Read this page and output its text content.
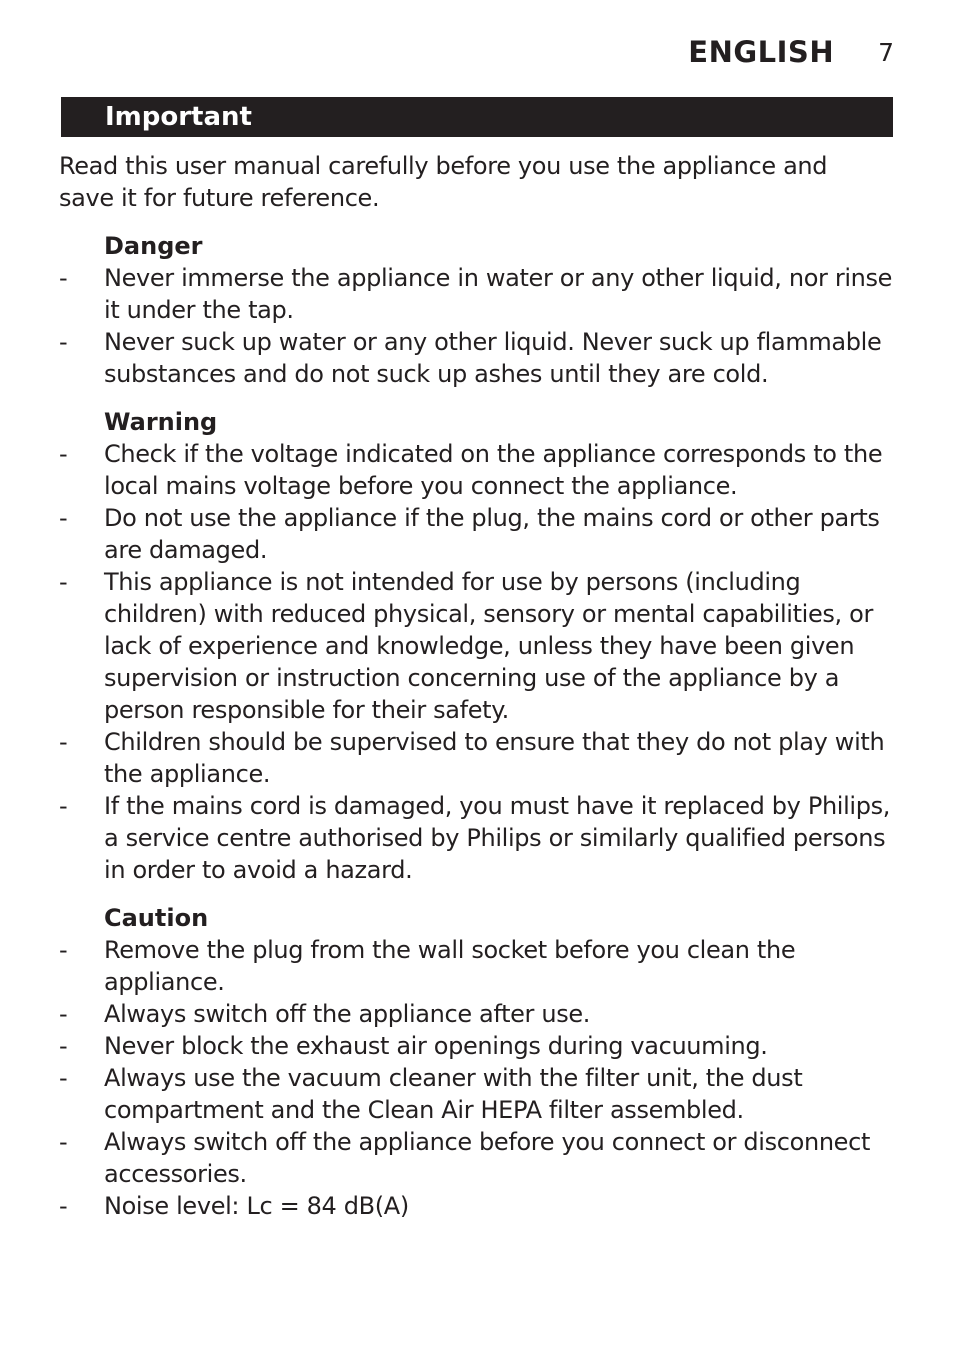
ENGLISH 7
Important

Read this user manual carefully before you use the appliance and save it for future reference.

Danger
- Never immerse the appliance in water or any other liquid, nor rinse it under the tap.
- Never suck up water or any other liquid. Never suck up flammable substances and do not suck up ashes until they are cold.
Warning
- Check if the voltage indicated on the appliance corresponds to the local mains voltage before you connect the appliance.
- Do not use the appliance if the plug, the mains cord or other parts are damaged.
- This appliance is not intended for use by persons (including children) with reduced physical, sensory or mental capabilities, or lack of experience and knowledge, unless they have been given supervision or instruction concerning use of the appliance by a person responsible for their safety.
- Children should be supervised to ensure that they do not play with the appliance.
- If the mains cord is damaged, you must have it replaced by Philips, a service centre authorised by Philips or similarly qualified persons in order to avoid a hazard.
Caution
- Remove the plug from the wall socket before you clean the appliance.
- Always switch off the appliance after use.
- Never block the exhaust air openings during vacuuming.
- Always use the vacuum cleaner with the filter unit, the dust compartment and the Clean Air HEPA filter assembled.
- Always switch off the appliance before you connect or disconnect accessories.
- Noise level: Lc = 84 dB(A)
